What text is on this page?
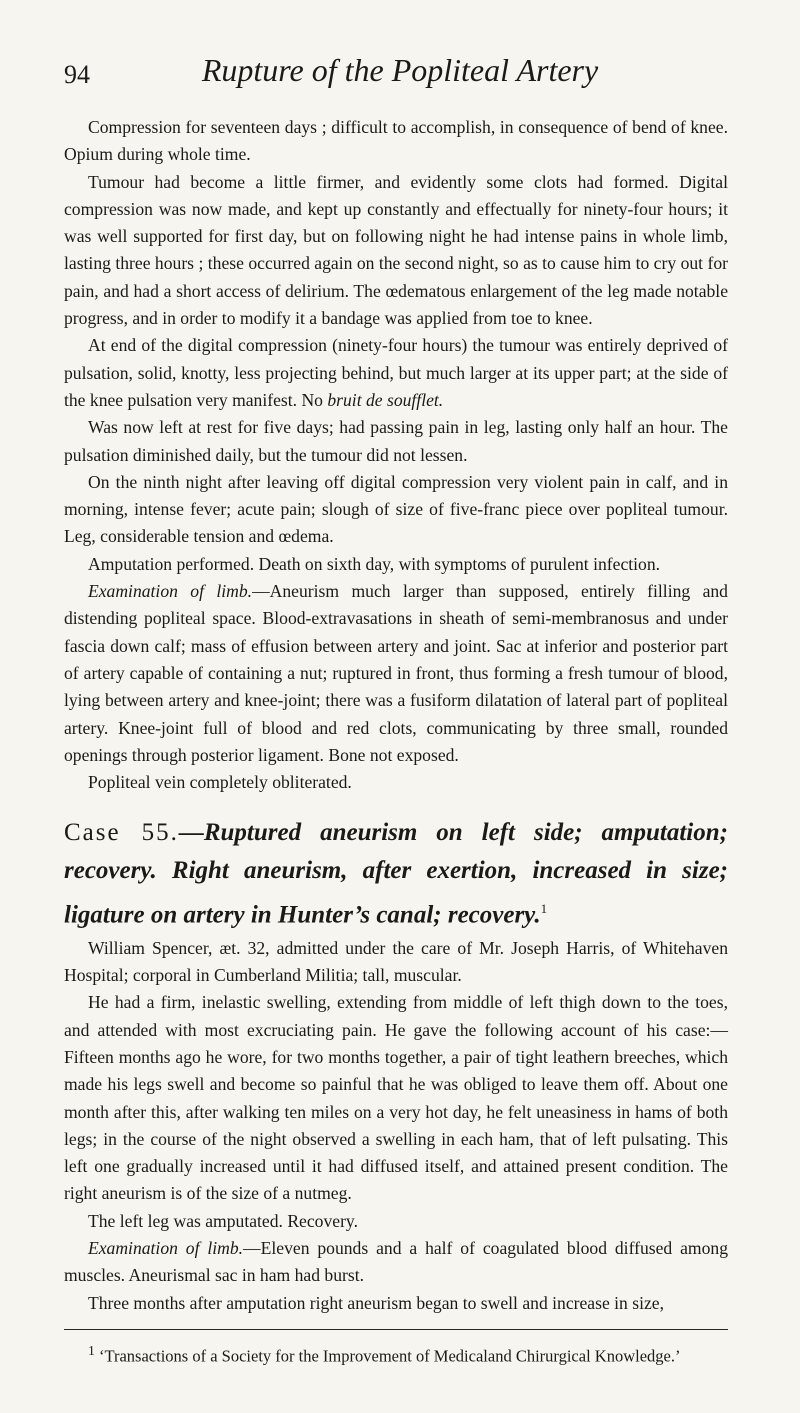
94	Rupture of the Popliteal Artery

Compression for seventeen days ; difficult to accomplish, in consequence of bend of knee. Opium during whole time.

Tumour had become a little firmer, and evidently some clots had formed. Digital compression was now made, and kept up constantly and effectually for ninety-four hours; it was well supported for first day, but on following night he had intense pains in whole limb, lasting three hours ; these occurred again on the second night, so as to cause him to cry out for pain, and had a short access of delirium. The œdematous enlargement of the leg made notable progress, and in order to modify it a bandage was applied from toe to knee.

At end of the digital compression (ninety-four hours) the tumour was entirely deprived of pulsation, solid, knotty, less projecting behind, but much larger at its upper part; at the side of the knee pulsation very manifest. No bruit de soufflet.

Was now left at rest for five days; had passing pain in leg, lasting only half an hour. The pulsation diminished daily, but the tumour did not lessen.

On the ninth night after leaving off digital compression very violent pain in calf, and in morning, intense fever; acute pain; slough of size of five-franc piece over popliteal tumour. Leg, considerable tension and œdema.

Amputation performed. Death on sixth day, with symptoms of purulent infection.

Examination of limb.—Aneurism much larger than supposed, entirely filling and distending popliteal space. Blood-extravasations in sheath of semi-membranosus and under fascia down calf; mass of effusion between artery and joint. Sac at inferior and posterior part of artery capable of containing a nut; ruptured in front, thus forming a fresh tumour of blood, lying between artery and knee-joint; there was a fusiform dilatation of lateral part of popliteal artery. Knee-joint full of blood and red clots, communicating by three small, rounded openings through posterior ligament. Bone not exposed.

Popliteal vein completely obliterated.

Case 55.—Ruptured aneurism on left side; amputation; recovery. Right aneurism, after exertion, increased in size; ligature on artery in Hunter’s canal; recovery.$^1$

William Spencer, æt. 32, admitted under the care of Mr. Joseph Harris, of Whitehaven Hospital; corporal in Cumberland Militia; tall, muscular.

He had a firm, inelastic swelling, extending from middle of left thigh down to the toes, and attended with most excruciating pain. He gave the following account of his case:—Fifteen months ago he wore, for two months together, a pair of tight leathern breeches, which made his legs swell and become so painful that he was obliged to leave them off. About one month after this, after walking ten miles on a very hot day, he felt uneasiness in hams of both legs; in the course of the night observed a swelling in each ham, that of left pulsating. This left one gradually increased until it had diffused itself, and attained present condition. The right aneurism is of the size of a nutmeg.

The left leg was amputated. Recovery.

Examination of limb.—Eleven pounds and a half of coagulated blood diffused among muscles. Aneurismal sac in ham had burst.

Three months after amputation right aneurism began to swell and increase in size,

$^1$ ‘Transactions of a Society for the Improvement of Medicaland Chirurgical Knowledge.’
